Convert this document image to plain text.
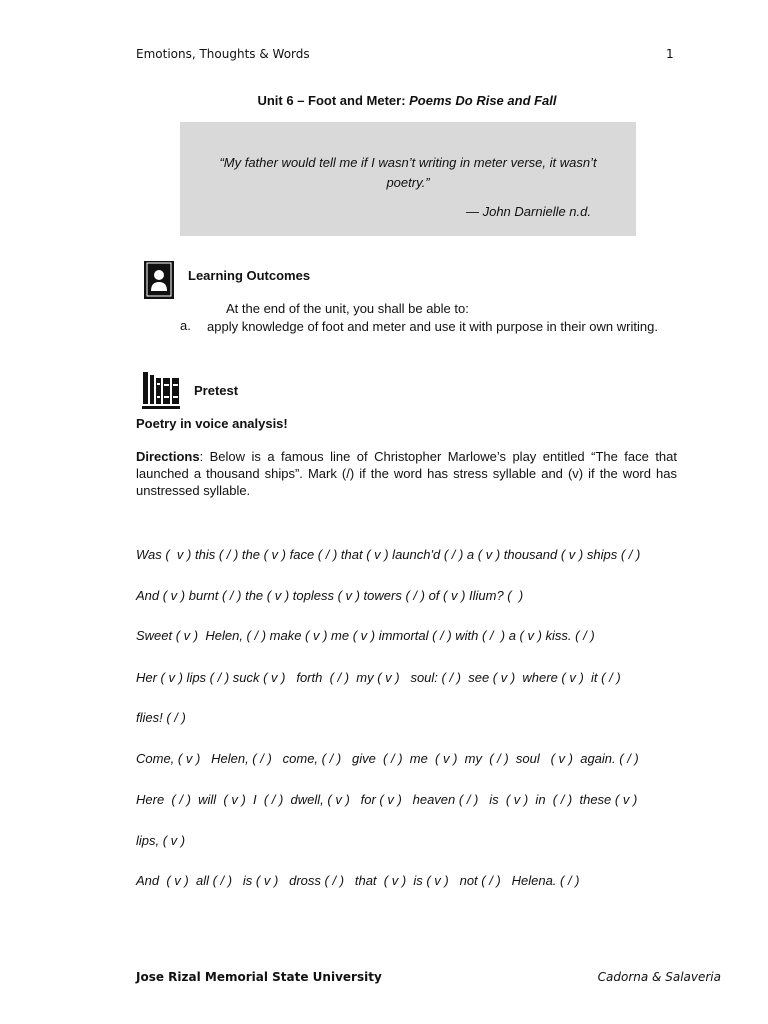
Emotions, Thoughts & Words	1
Unit 6 – Foot and Meter: Poems Do Rise and Fall
“My father would tell me if I wasn’t writing in meter verse, it wasn’t poetry.”
— John Darnielle n.d.
Learning Outcomes
At the end of the unit, you shall be able to:
a. apply knowledge of foot and meter and use it with purpose in their own writing.
Pretest
Poetry in voice analysis!
Directions: Below is a famous line of Christopher Marlowe’s play entitled “The face that launched a thousand ships”. Mark (/) if the word has stress syllable and (v) if the word has unstressed syllable.
Was (  v ) this ( / ) the ( v ) face ( / ) that ( v ) launch'd ( / ) a ( v ) thousand ( v ) ships ( / )
And ( v ) burnt ( / ) the ( v ) topless ( v ) towers ( / ) of ( v ) Ilium? (  )
Sweet ( v )  Helen, ( / ) make ( v ) me ( v ) immortal ( / ) with ( /  ) a ( v ) kiss. ( / )
Her ( v ) lips ( / ) suck ( v )   forth  ( / )  my ( v )   soul: ( / )  see ( v )  where ( v )  it ( / )
flies! ( / )
Come, ( v )   Helen, ( / )   come, ( / )   give  ( / )  me  ( v )  my  ( / )  soul   ( v )  again. ( / )
Here  ( / )  will  ( v )  I  ( / )  dwell, ( v )   for ( v )   heaven ( / )   is  ( v )  in  ( / )  these ( v )
lips, ( v )
And  ( v )  all ( / )   is ( v )   dross ( / )   that  ( v )  is ( v )   not ( / )   Helena. ( / )
Jose Rizal Memorial State University	Cadorna & Salaveria
